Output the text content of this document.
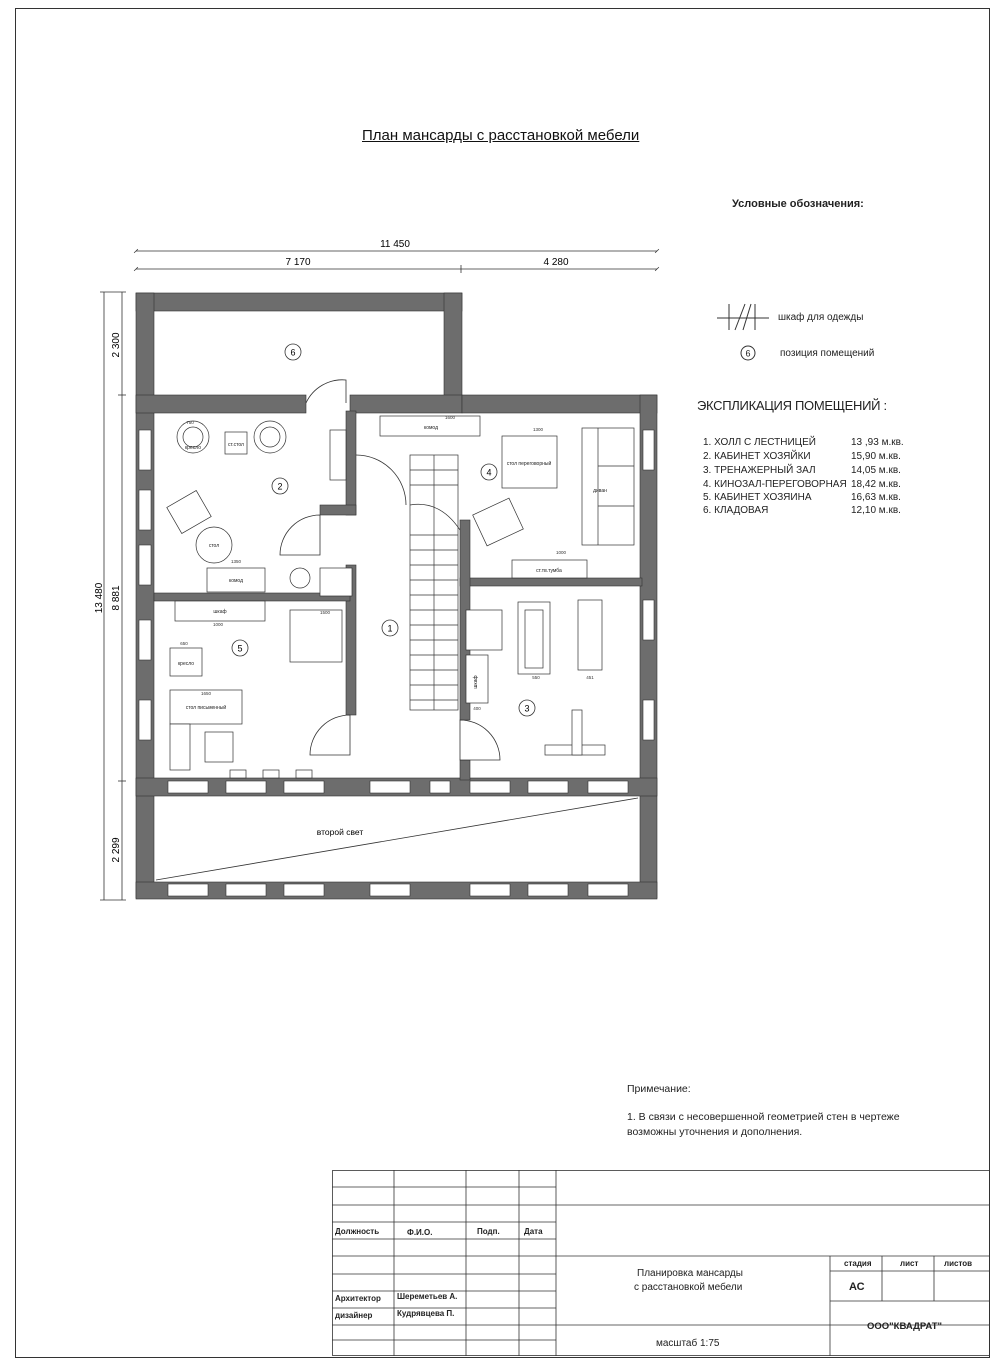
План мансарды с расстановкой мебели
Условные обозначения:
шкаф для одежды
6	позиция помещений
ЭКСПЛИКАЦИЯ ПОМЕЩЕНИЙ :
1. ХОЛЛ С ЛЕСТНИЦЕЙ	13 ,93 м.кв.
2. КАБИНЕТ ХОЗЯЙКИ	15,90 м.кв.
3. ТРЕНАЖЕРНЫЙ ЗАЛ	14,05 м.кв.
4. КИНОЗАЛ-ПЕРЕГОВОРНАЯ 18,42 м.кв.
5. КАБИНЕТ ХОЗЯИНА	16,63 м.кв.
6. КЛАДОВАЯ	12,10 м.кв.
11 450
7 170	4 280
13 480 8 881
2 300
2 299
второй свет
1
2
3
4
5
6
кресло	ст.стол
стол
комод
комод
стол переговорный
диван
ст.тв.тумба
шкаф
шкаф
кресло
стол письменный
1600
1300
1500
1650
1350
1000
750
650
550	451
400
1000
Примечание:
1. В связи с несовершенной геометрией стен в чертеже
возможны уточнения и дополнения.
Должность	Ф.И.О.	Подп.	Дата
Архитектор Шереметьев А.
дизайнер	Кудрявцева П.
Планировка мансарды
с расстановкой мебели
масштаб 1:75
стадия	лист	листов
АС
ООО"КВАДРАТ"
